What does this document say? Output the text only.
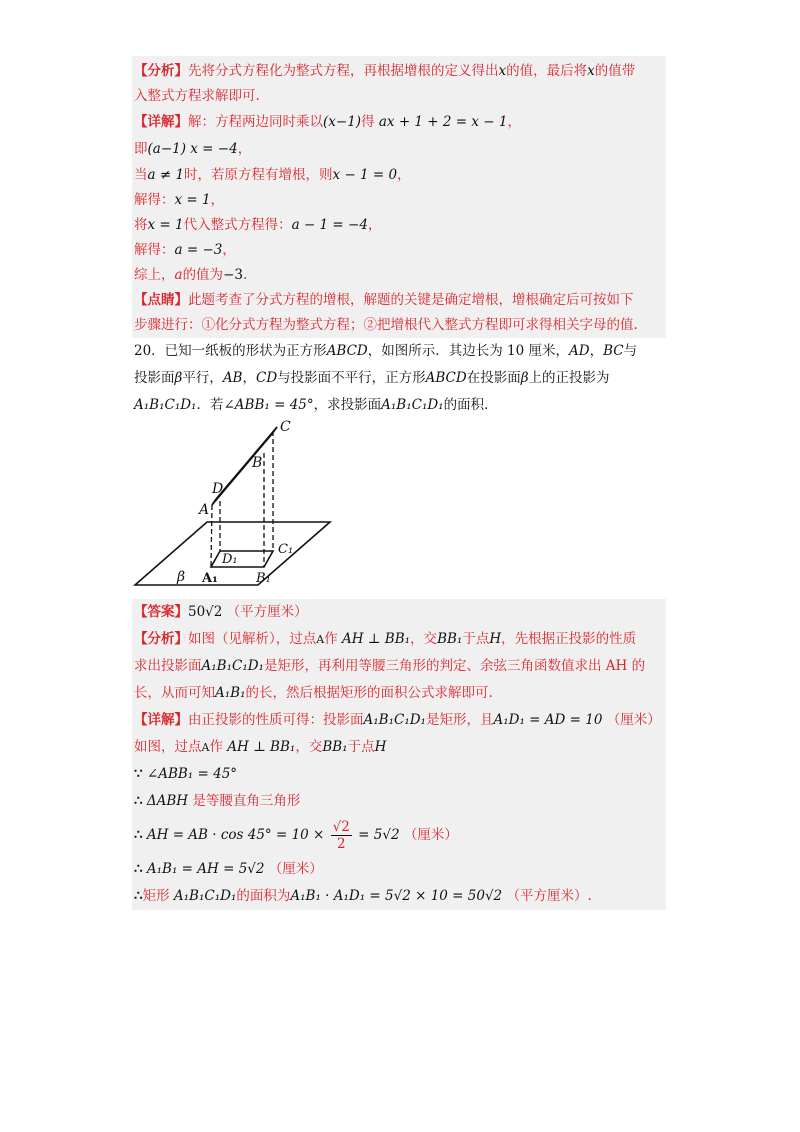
【分析】先将分式方程化为整式方程，再根据增根的定义得出x的值，最后将x的值带
入整式方程求解即可.
【详解】解：方程两边同时乘以(x−1)得 ax + 1 + 2 = x − 1，
即(a−1) x = −4，
当a ≠ 1时，若原方程有增根，则x − 1 = 0，
解得：x = 1，
将x = 1代入整式方程得：a − 1 = −4，
解得：a = −3，
综上，a的值为−3.
【点睛】此题考查了分式方程的增根，解题的关键是确定增根，增根确定后可按如下
步骤进行：①化分式方程为整式方程；②把增根代入整式方程即可求得相关字母的值.
20．已知一纸板的形状为正方形ABCD，如图所示．其边长为 10 厘米，AD，BC与
投影面β平行，AB，CD与投影面不平行，正方形ABCD在投影面β上的正投影为
A₁B₁C₁D₁．若∠ABB₁ = 45°，求投影面A₁B₁C₁D₁的面积．
C
B
D
A
D₁
C₁
A₁	B₁
β
【答案】50√2 （平方厘米）
【分析】如图（见解析），过点A作 AH ⊥ BB₁，交BB₁于点H，先根据正投影的性质
求出投影面A₁B₁C₁D₁是矩形，再利用等腰三角形的判定、余弦三角函数值求出 AH 的
长，从而可知A₁B₁的长，然后根据矩形的面积公式求解即可.
【详解】由正投影的性质可得：投影面A₁B₁C₁D₁是矩形，且A₁D₁ = AD = 10 （厘米）
如图，过点A作 AH ⊥ BB₁，交BB₁于点H
∵ ∠ABB₁ = 45°
∴ ΔABH 是等腰直角三角形
∴ AH = AB · $\cos 45^\circ = 10 \times \frac{√2}{2} = 5√2$ （厘米）
∴ A₁B₁ = AH = 5√2 （厘米）
∴矩形 A₁B₁C₁D₁的面积为A₁B₁ · A₁D₁ = 5√2 × 10 = 50√2 （平方厘米）.
